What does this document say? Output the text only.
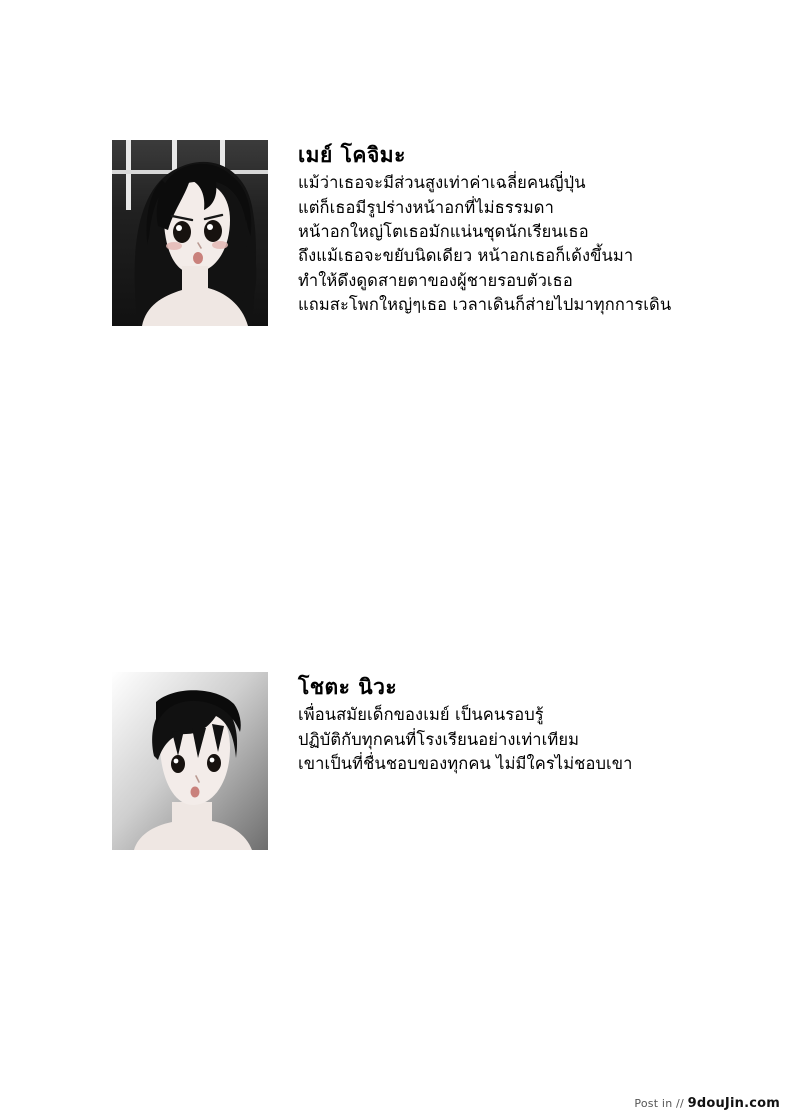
เมย์ โคจิมะ
แม้ว่าเธอจะมีส่วนสูงเท่าค่าเฉลี่ยคนญี่ปุ่น
แต่ก็เธอมีรูปร่างหน้าอกที่ไม่ธรรมดา
หน้าอกใหญ่โตเธอมักแน่นชุดนักเรียนเธอ
ถึงแม้เธอจะขยับนิดเดียว หน้าอกเธอก็เด้งขึ้นมา
ทำให้ดึงดูดสายตาของผู้ชายรอบตัวเธอ
แถมสะโพกใหญ่ๆเธอ เวลาเดินก็ส่ายไปมาทุกการเดิน
โชตะ นิวะ
เพื่อนสมัยเด็กของเมย์ เป็นคนรอบรู้
ปฏิบัติกับทุกคนที่โรงเรียนอย่างเท่าเทียม
เขาเป็นที่ชื่นชอบของทุกคน ไม่มีใครไม่ชอบเขา
Post in // 9douJin.com
